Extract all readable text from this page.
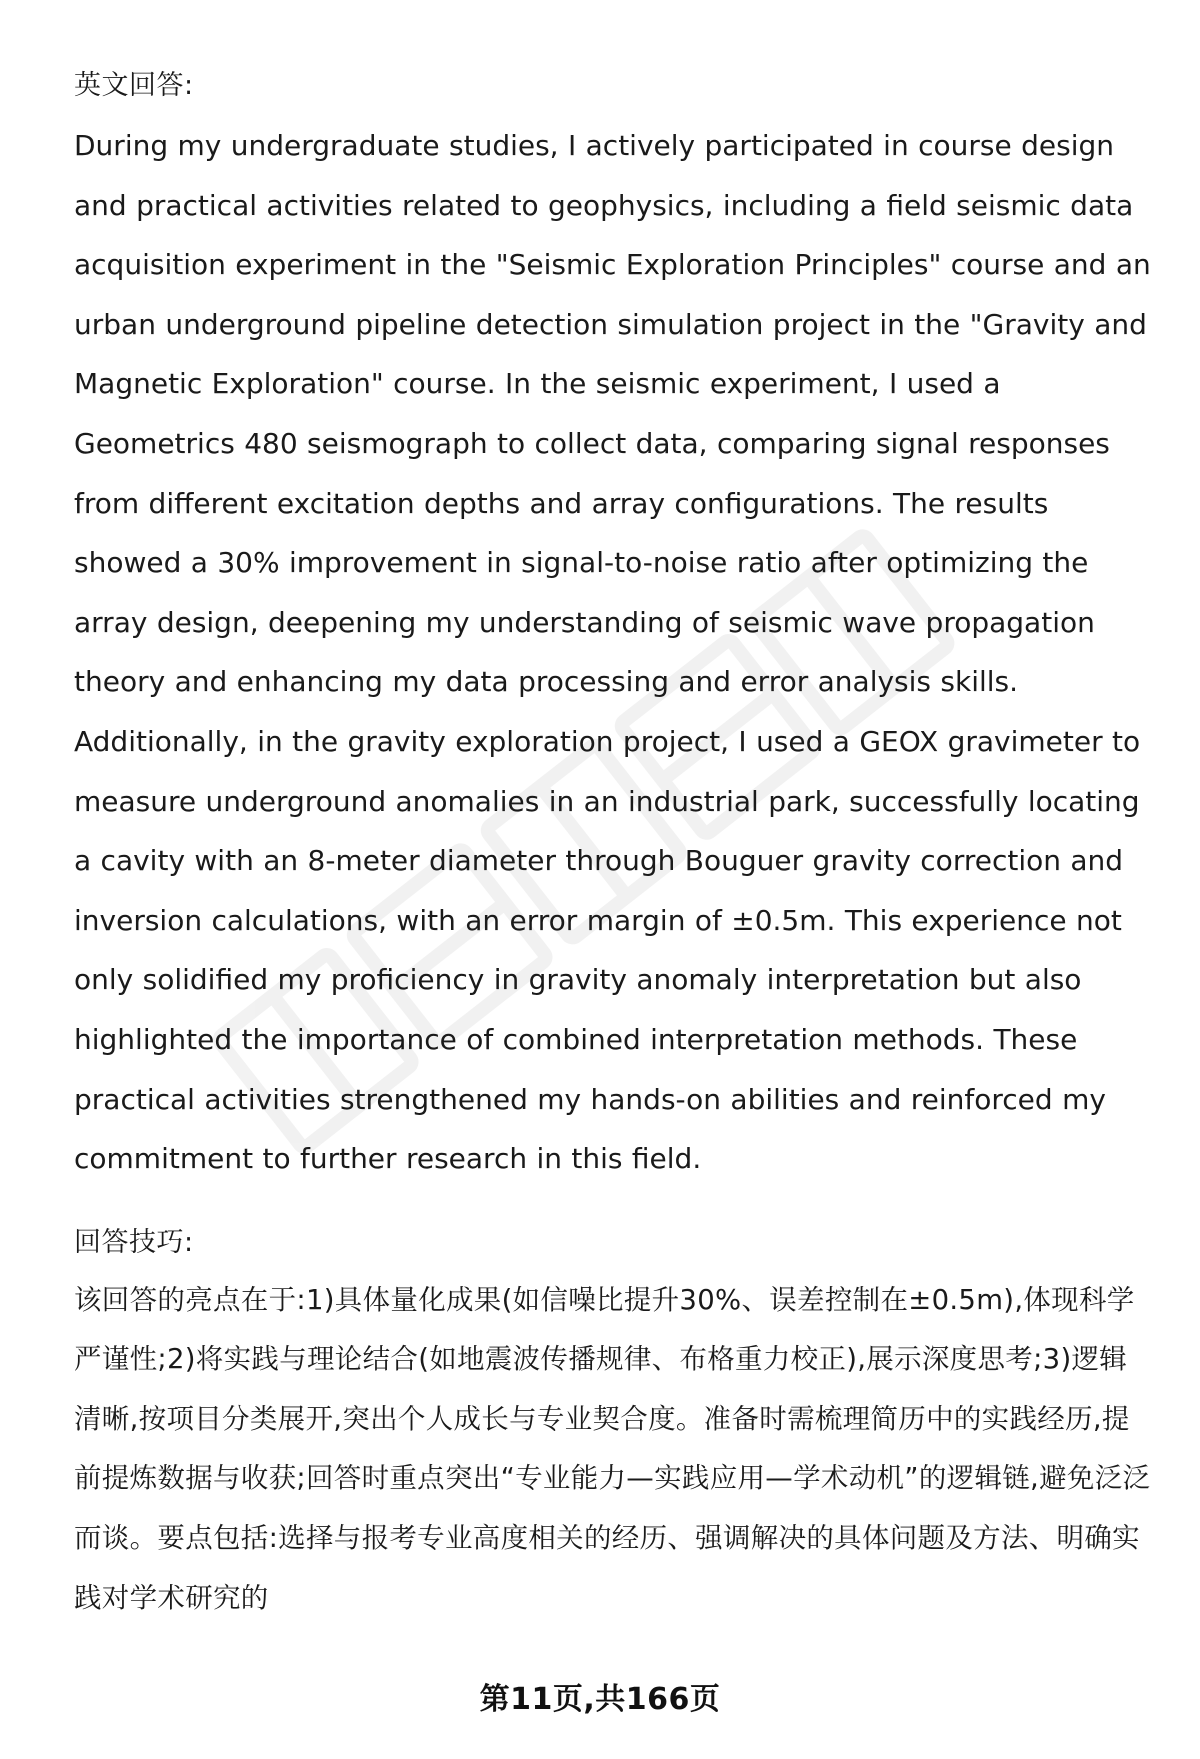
英文回答:

During my undergraduate studies, I actively participated in course design and practical activities related to geophysics, including a field seismic data acquisition experiment in the "Seismic Exploration Principles" course and an urban underground pipeline detection simulation project in the "Gravity and Magnetic Exploration" course. In the seismic experiment, I used a Geometrics 480 seismograph to collect data, comparing signal responses from different excitation depths and array configurations. The results showed a 30% improvement in signal-to-noise ratio after optimizing the array design, deepening my understanding of seismic wave propagation theory and enhancing my data processing and error analysis skills. Additionally, in the gravity exploration project, I used a GEOX gravimeter to measure underground anomalies in an industrial park, successfully locating a cavity with an 8-meter diameter through Bouguer gravity correction and inversion calculations, with an error margin of ±0.5m. This experience not only solidified my proficiency in gravity anomaly interpretation but also highlighted the importance of combined interpretation methods. These practical activities strengthened my hands-on abilities and reinforced my commitment to further research in this field.

回答技巧:

该回答的亮点在于:1)具体量化成果(如信噪比提升30%、误差控制在±0.5m),体现科学严谨性;2)将实践与理论结合(如地震波传播规律、布格重力校正),展示深度思考;3)逻辑清晰,按项目分类展开,突出个人成长与专业契合度。准备时需梳理简历中的实践经历,提前提炼数据与收获;回答时重点突出“专业能力—实践应用—学术动机”的逻辑链,避免泛泛而谈。要点包括:选择与报考专业高度相关的经历、强调解决的具体问题及方法、明确实践对学术研究的

第11页,共166页
